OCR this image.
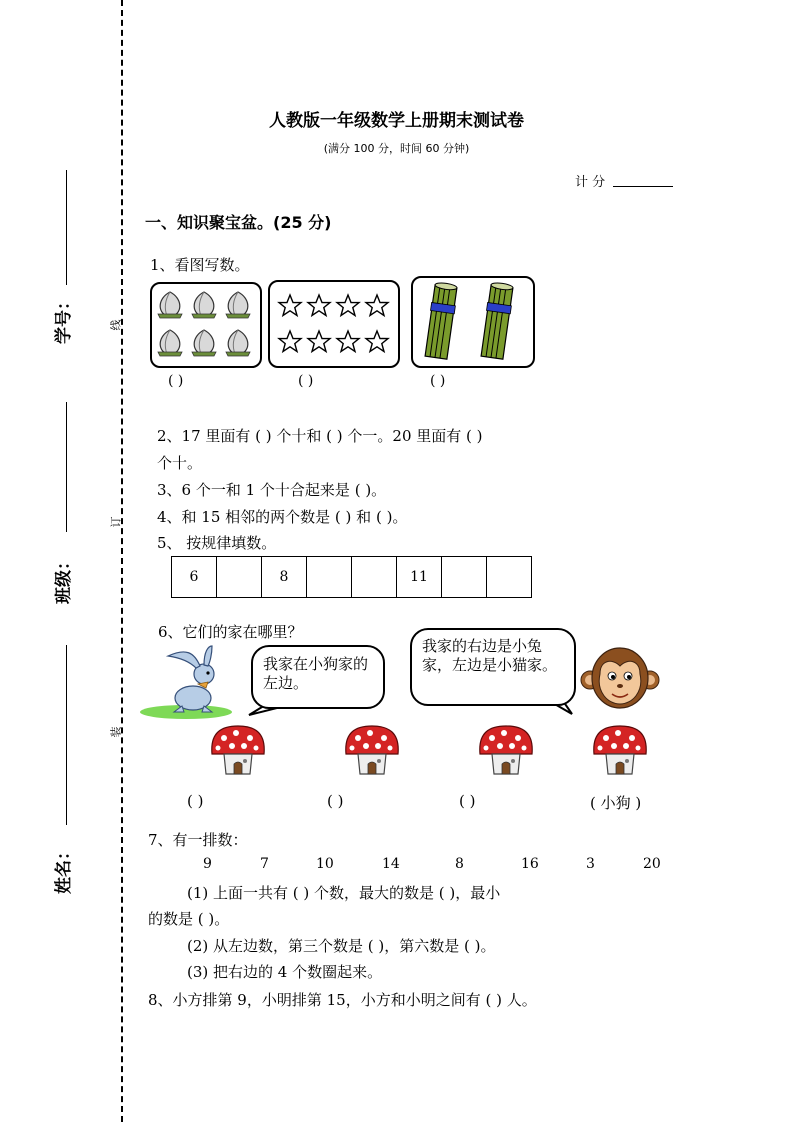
学号：
班级：
姓名：
线
订
装
人教版一年级数学上册期末测试卷
(满分 100 分，时间 60 分钟)
计 分
一、知识聚宝盆。(25 分)
1、看图写数。
( )	( )	( )
2、17 里面有 ( ) 个十和 ( ) 个一。20 里面有 ( )
个十。
3、6 个一和 1 个十合起来是 ( )。
4、和 15 相邻的两个数是 ( ) 和 ( )。
5、 按规律填数。
6		8			11		
6、它们的家在哪里？
我家在小狗家的左边。
我家的右边是小兔家，左边是小猫家。
( )	( )	( )	( 小狗 )
7、有一排数：
9	7	10	14	8	16	3	20
(1) 上面一共有 ( ) 个数，最大的数是 ( )，最小
的数是 ( )。
(2) 从左边数，第三个数是 ( )，第六数是 ( )。
(3) 把右边的 4 个数圈起来。
8、小方排第 9，小明排第 15，小方和小明之间有 ( ) 人。
